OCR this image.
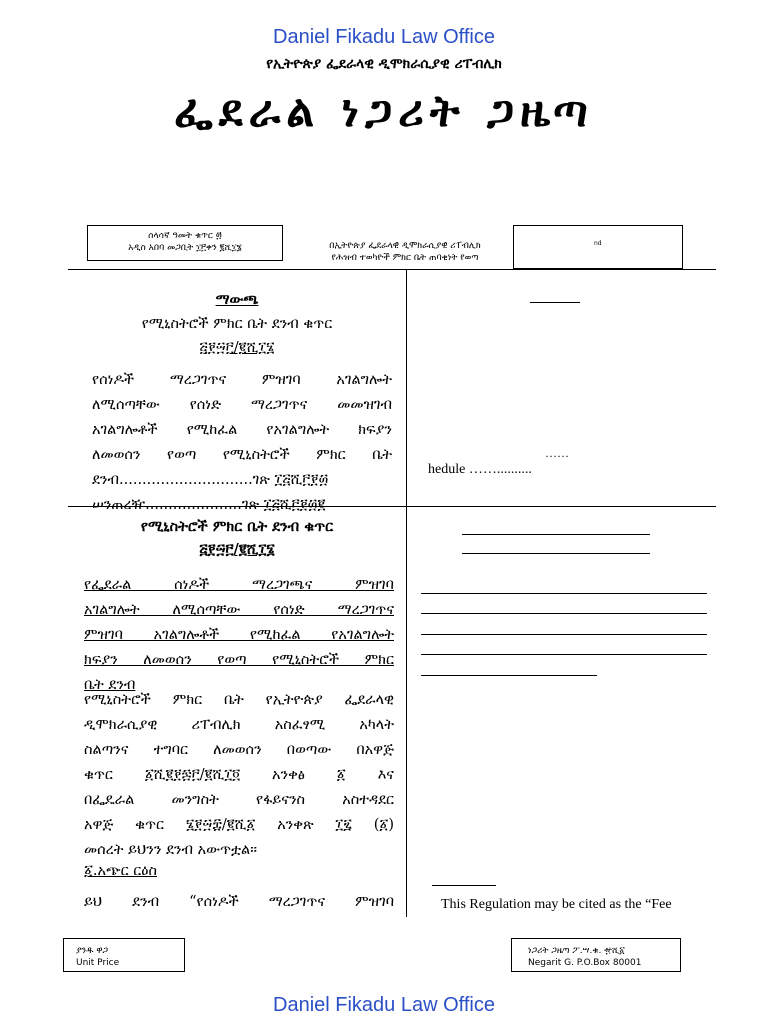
Daniel Fikadu Law Office
የኢትዮጵያ ፌደራላዊ ዲሞክራሲያዊ ሪፐብሊክ
ፌደራል ነጋሪት ጋዜጣ
ሰላሳኛ ዓመት ቁጥር ፴
አዲስ አበባ መጋቢት ፲፫ቀን ፪ሺ፲፮	በኢትዮጵያ ፌደራላዊ ዲሞክራሲያዊ ሪፐብሊክ
የሕዝብ ተወካዮች ምክር ቤት ጠባቂነት የወጣ
nd
ማውጫ
የሚኒስትሮች ምክር ቤት ደንብ ቁጥር
፭፻፵፫/፪ሺ፲፮
የሰነዶች ማረጋገጥና ምዝገባ አገልግሎት
ለሚሰጣቸው የሰነድ ማረጋገጥና መመዝገብ
አገልግሎቶች የሚከፈል የአገልግሎት ክፍያን
ለመወሰን የወጣ የሚኒስትሮች ምክር ቤት
ደንብ.............................ገጽ ፲፭ሺ፫፻፴
ሠንጠረዥ.....................ገጽ ፲፭ሺ፫፻፴፪
……
hedule ……..........
የሚኒስትሮች ምክር ቤት ደንብ ቁጥር
፭፻፵፫/፪ሺ፲፮
የፌደራል ሰነዶች ማረጋገጫና ምዝገባ
አገልግሎት ለሚሰጣቸው የሰነድ ማረጋገጥና
ምዝገባ አገልግሎቶች የሚከፈል የአገልግሎት
ክፍያን ለመወሰን የወጣ የሚኒስትሮች ምክር
ቤት ደንብ
የሚኒስትሮች ምክር ቤት የኢትዮጵያ ፌደራላዊ
ዲሞክራሲያዊ ሪፐብሊክ አስፈፃሚ አካላት
ስልጣንና ተግባር ለመወሰን በወጣው በአዋጅ
ቁጥር ፩ሺ፪፻፷፫/፪ሺ፲፬ አንቀፅ ፩ እና
በፌዴራል መንግስት የፋይናንስ አስተዳደር
አዋጅ ቁጥር ፮፻፵፰/፪ሺ፩ አንቀጽ ፲፯ (፩)
መሰረት ይህንን ደንብ አውጥቷል።
፩.አጭር ርዕስ
ይህ ደንብ “የሰነዶች ማረጋገጥና ምዝገባ	This Regulation may be cited as the “Fee
ያንዱ ዋጋ
Unit Price
ነጋሪት ጋዜጣ ፖ.ሣ.ቁ. ፹ሺ፩
Negarit G. P.O.Box 80001
Daniel Fikadu Law Office
